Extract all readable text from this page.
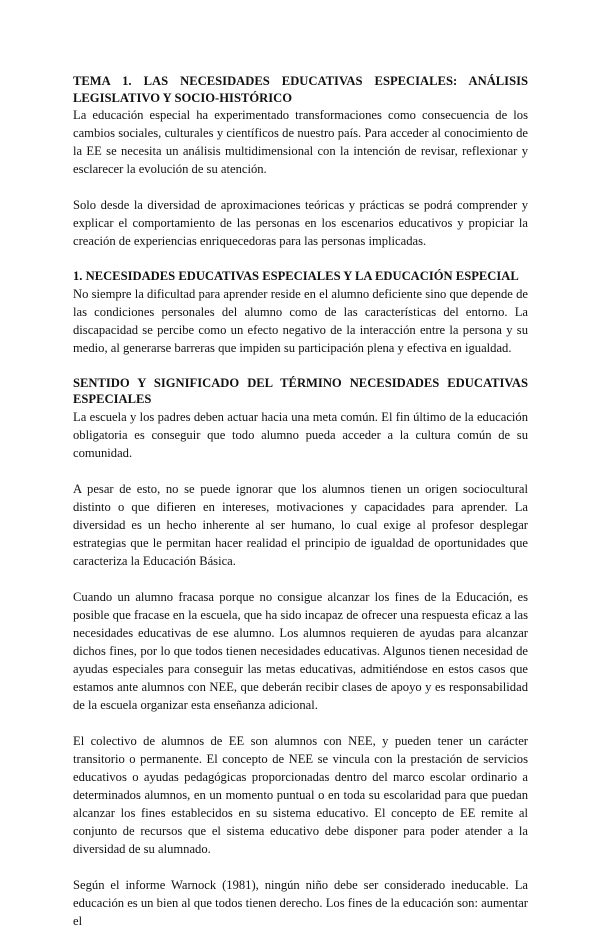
TEMA 1. LAS NECESIDADES EDUCATIVAS ESPECIALES: ANÁLISIS LEGISLATIVO Y SOCIO-HISTÓRICO

La educación especial ha experimentado transformaciones como consecuencia de los cambios sociales, culturales y científicos de nuestro país. Para acceder al conocimiento de la EE se necesita un análisis multidimensional con la intención de revisar, reflexionar y esclarecer la evolución de su atención.

Solo desde la diversidad de aproximaciones teóricas y prácticas se podrá comprender y explicar el comportamiento de las personas en los escenarios educativos y propiciar la creación de experiencias enriquecedoras para las personas implicadas.

1. NECESIDADES EDUCATIVAS ESPECIALES Y LA EDUCACIÓN ESPECIAL

No siempre la dificultad para aprender reside en el alumno deficiente sino que depende de las condiciones personales del alumno como de las características del entorno. La discapacidad se percibe como un efecto negativo de la interacción entre la persona y su medio, al generarse barreras que impiden su participación plena y efectiva en igualdad.

SENTIDO Y SIGNIFICADO DEL TÉRMINO NECESIDADES EDUCATIVAS ESPECIALES

La escuela y los padres deben actuar hacia una meta común. El fin último de la educación obligatoria es conseguir que todo alumno pueda acceder a la cultura común de su comunidad.

A pesar de esto, no se puede ignorar que los alumnos tienen un origen sociocultural distinto o que difieren en intereses, motivaciones y capacidades para aprender. La diversidad es un hecho inherente al ser humano, lo cual exige al profesor desplegar estrategias que le permitan hacer realidad el principio de igualdad de oportunidades que caracteriza la Educación Básica.

Cuando un alumno fracasa porque no consigue alcanzar los fines de la Educación, es posible que fracase en la escuela, que ha sido incapaz de ofrecer una respuesta eficaz a las necesidades educativas de ese alumno. Los alumnos requieren de ayudas para alcanzar dichos fines, por lo que todos tienen necesidades educativas. Algunos tienen necesidad de ayudas especiales para conseguir las metas educativas, admitiéndose en estos casos que estamos ante alumnos con NEE, que deberán recibir clases de apoyo y es responsabilidad de la escuela organizar esta enseñanza adicional.

El colectivo de alumnos de EE son alumnos con NEE, y pueden tener un carácter transitorio o permanente. El concepto de NEE se vincula con la prestación de servicios educativos o ayudas pedagógicas proporcionadas dentro del marco escolar ordinario a determinados alumnos, en un momento puntual o en toda su escolaridad para que puedan alcanzar los fines establecidos en su sistema educativo. El concepto de EE remite al conjunto de recursos que el sistema educativo debe disponer para poder atender a la diversidad de su alumnado.

Según el informe Warnock (1981), ningún niño debe ser considerado ineducable. La educación es un bien al que todos tienen derecho. Los fines de la educación son: aumentar el
